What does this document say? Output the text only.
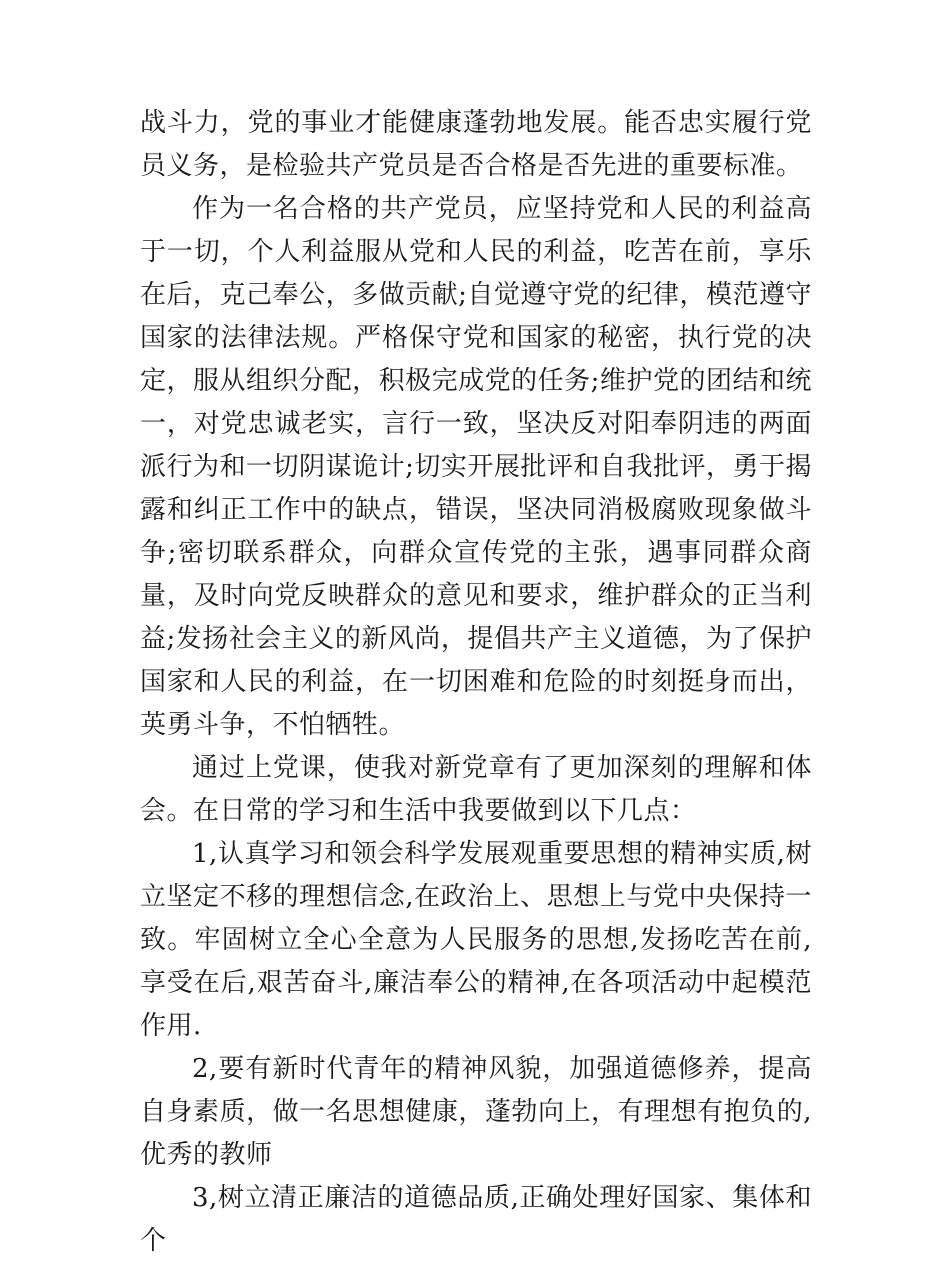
战斗力，党的事业才能健康蓬勃地发展。能否忠实履行党员义务，是检验共产党员是否合格是否先进的重要标准。

作为一名合格的共产党员，应坚持党和人民的利益高于一切，个人利益服从党和人民的利益，吃苦在前，享乐在后，克己奉公，多做贡献;自觉遵守党的纪律，模范遵守国家的法律法规。严格保守党和国家的秘密，执行党的决定，服从组织分配，积极完成党的任务;维护党的团结和统一，对党忠诚老实，言行一致，坚决反对阳奉阴违的两面派行为和一切阴谋诡计;切实开展批评和自我批评，勇于揭露和纠正工作中的缺点，错误，坚决同消极腐败现象做斗争;密切联系群众，向群众宣传党的主张，遇事同群众商量，及时向党反映群众的意见和要求，维护群众的正当利益;发扬社会主义的新风尚，提倡共产主义道德，为了保护国家和人民的利益，在一切困难和危险的时刻挺身而出，英勇斗争，不怕牺牲。

通过上党课，使我对新党章有了更加深刻的理解和体会。在日常的学习和生活中我要做到以下几点：

1,认真学习和领会科学发展观重要思想的精神实质,树立坚定不移的理想信念,在政治上、思想上与党中央保持一致。牢固树立全心全意为人民服务的思想,发扬吃苦在前,享受在后,艰苦奋斗,廉洁奉公的精神,在各项活动中起模范作用.

2,要有新时代青年的精神风貌，加强道德修养，提高自身素质，做一名思想健康，蓬勃向上，有理想有抱负的,优秀的教师

3,树立清正廉洁的道德品质,正确处理好国家、集体和个
